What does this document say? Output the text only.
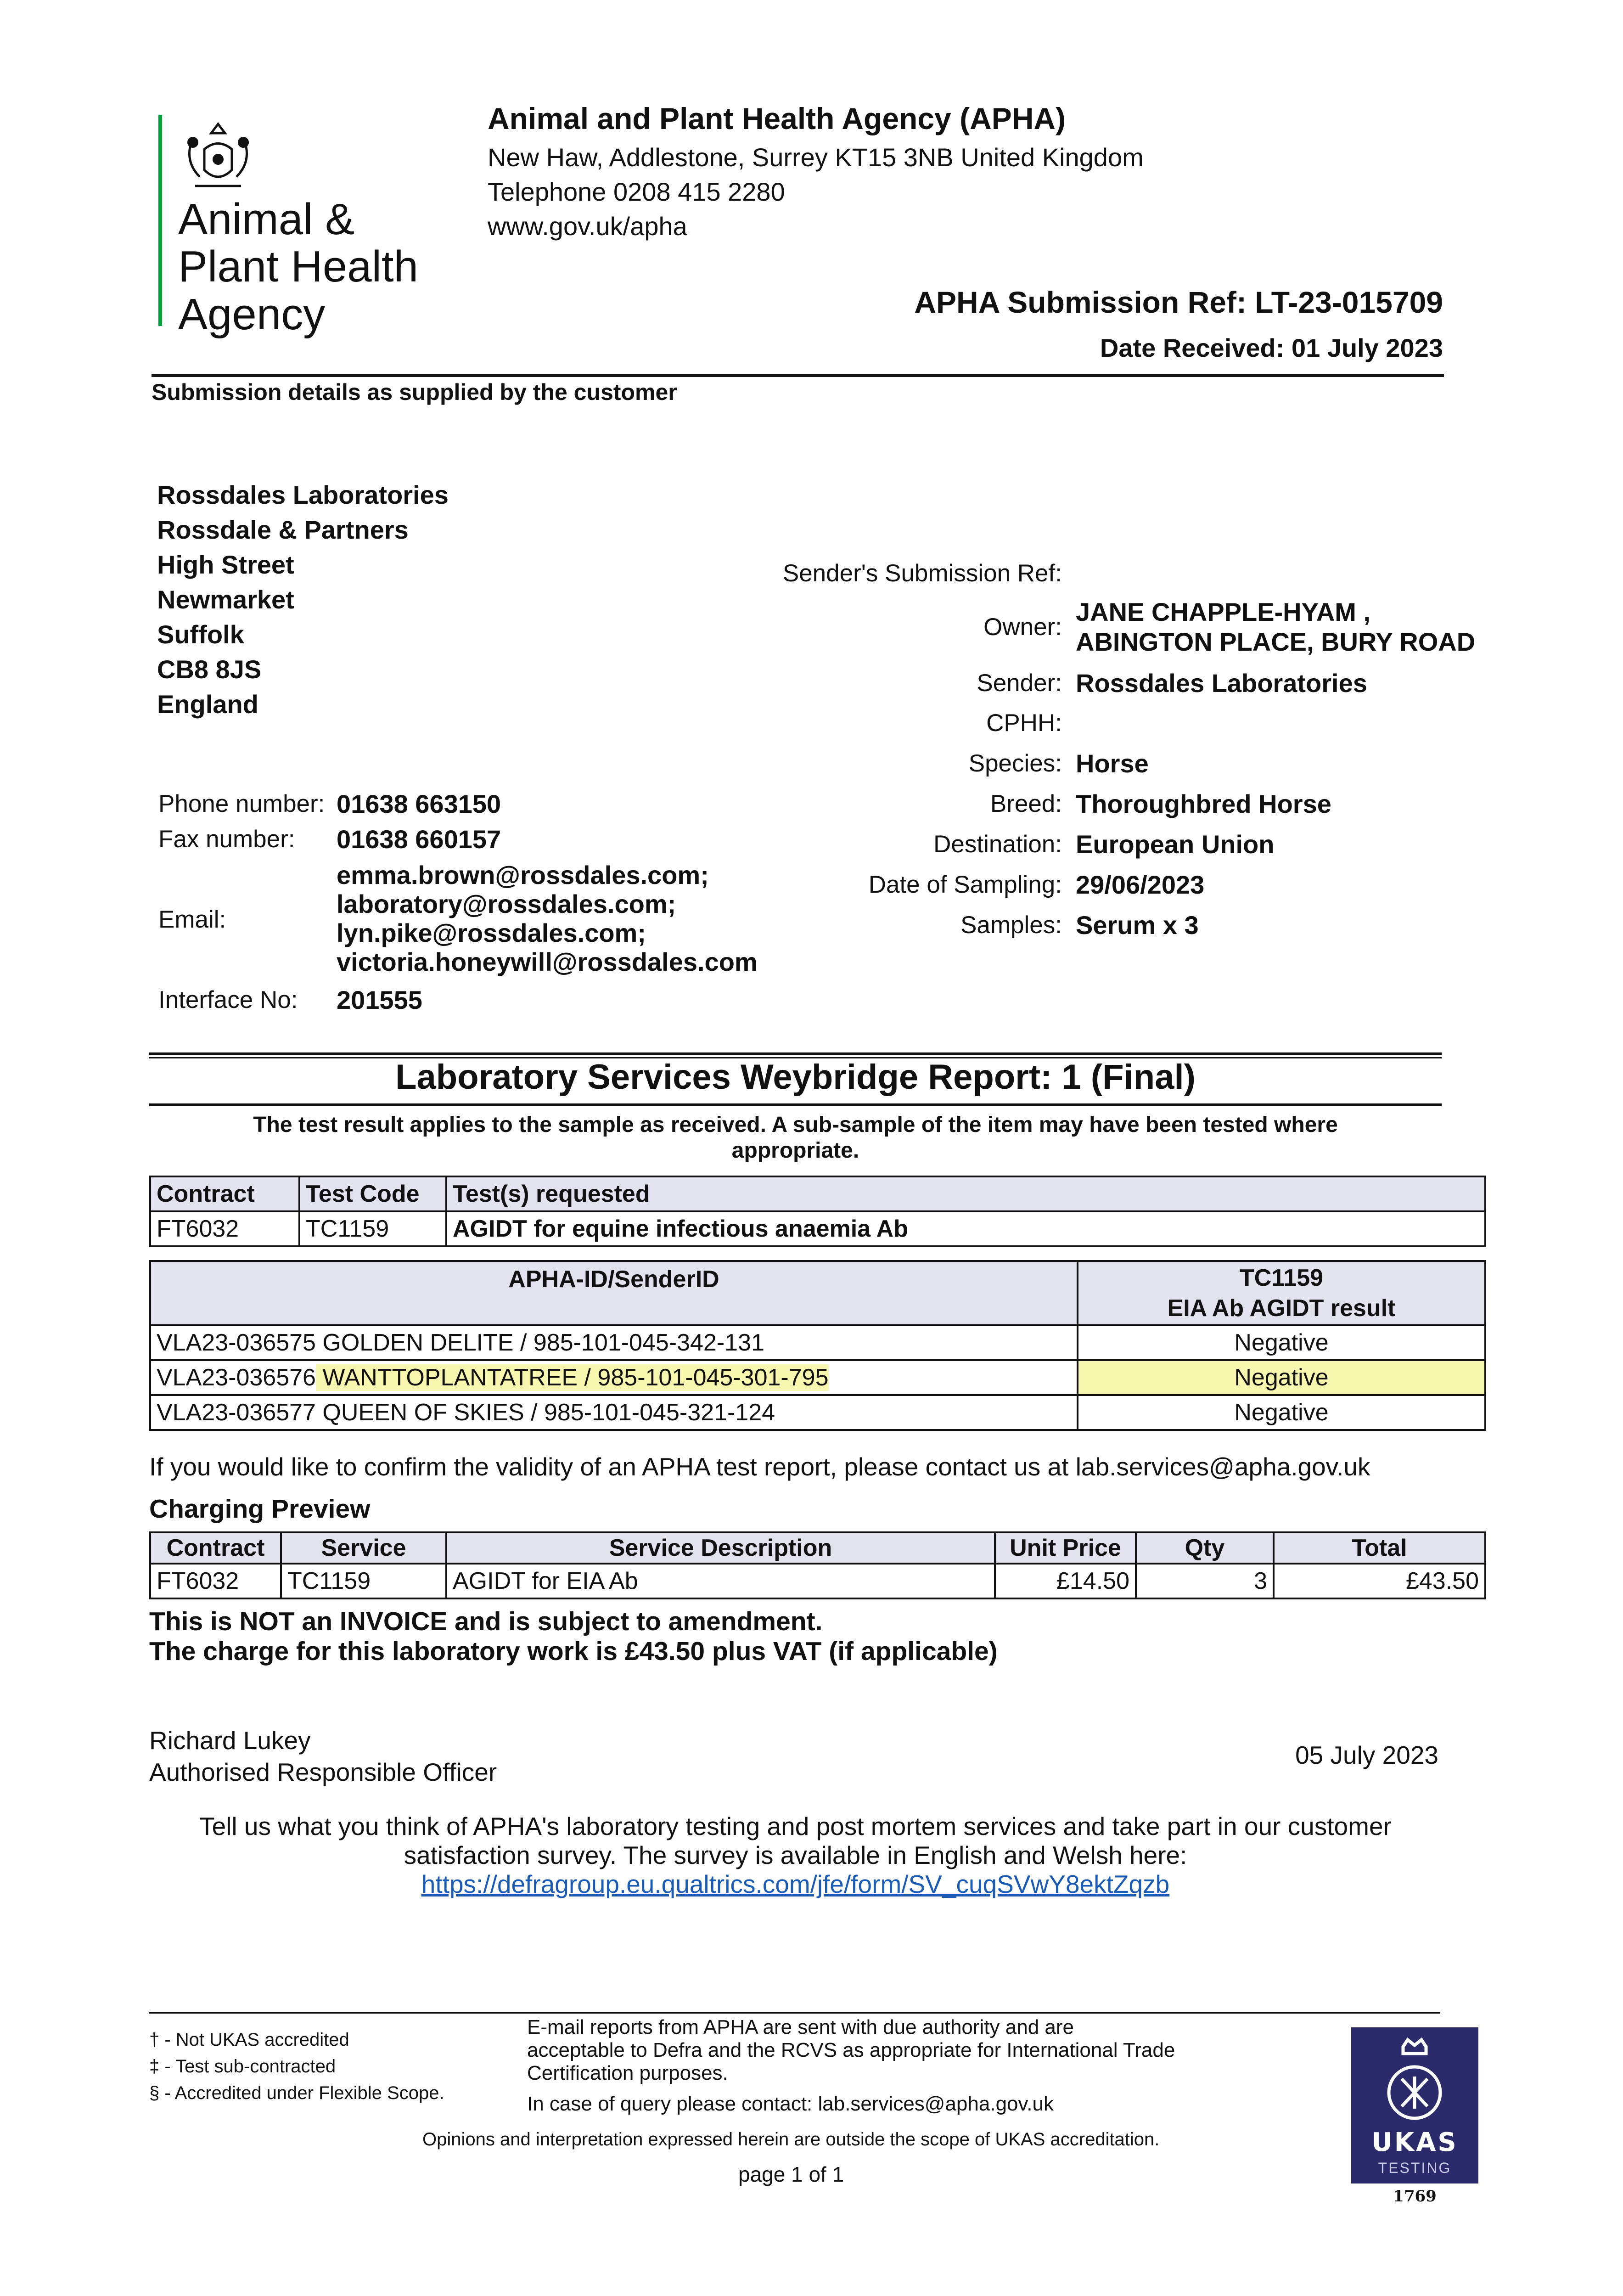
Animal &
Plant Health
Agency
Animal and Plant Health Agency (APHA)
New Haw, Addlestone, Surrey KT15 3NB United Kingdom
Telephone 0208 415 2280
www.gov.uk/apha
APHA Submission Ref: LT-23-015709
Date Received: 01 July 2023
Submission details as supplied by the customer
Rossdales Laboratories
Rossdale & Partners
High Street
Newmarket
Suffolk
CB8 8JS
England
Phone number: 01638 663150
Fax number: 01638 660157
Email:
emma.brown@rossdales.com;
laboratory@rossdales.com;
lyn.pike@rossdales.com;
victoria.honeywill@rossdales.com
Interface No: 201555
Sender's Submission Ref:
Owner:
JANE CHAPPLE-HYAM ,
ABINGTON PLACE, BURY ROAD
Sender: Rossdales Laboratories
CPHH:
Species: Horse
Breed: Thoroughbred Horse
Destination: European Union
Date of Sampling: 29/06/2023
Samples: Serum x 3
Laboratory Services Weybridge Report: 1 (Final)
The test result applies to the sample as received. A sub-sample of the item may have been tested where
appropriate.
Contract	Test Code	Test(s) requested
FT6032	TC1159	AGIDT for equine infectious anaemia Ab
APHA-ID/SenderID	TC1159
EIA Ab AGIDT result

VLA23-036575 GOLDEN DELITE / 985-101-045-342-131	Negative
VLA23-036576 WANTTOPLANTATREE / 985-101-045-301-795	Negative
VLA23-036577 QUEEN OF SKIES / 985-101-045-321-124	Negative
If you would like to confirm the validity of an APHA test report, please contact us at lab.services@apha.gov.uk
Charging Preview
Contract	Service	Service Description	Unit Price	Qty	Total
FT6032	TC1159	AGIDT for EIA Ab	£14.50	3	£43.50
This is NOT an INVOICE and is subject to amendment.
The charge for this laboratory work is £43.50 plus VAT (if applicable)
Richard Lukey
Authorised Responsible Officer
05 July 2023
Tell us what you think of APHA's laboratory testing and post mortem services and take part in our customer
satisfaction survey. The survey is available in English and Welsh here:
https://defragroup.eu.qualtrics.com/jfe/form/SV_cuqSVwY8ektZqzb
† - Not UKAS accredited
‡ - Test sub-contracted
§ - Accredited under Flexible Scope.
E-mail reports from APHA are sent with due authority and are
acceptable to Defra and the RCVS as appropriate for International Trade
Certification purposes.
In case of query please contact: lab.services@apha.gov.uk
Opinions and interpretation expressed herein are outside the scope of UKAS accreditation.
page 1 of 1
UKAS
TESTING
1769
